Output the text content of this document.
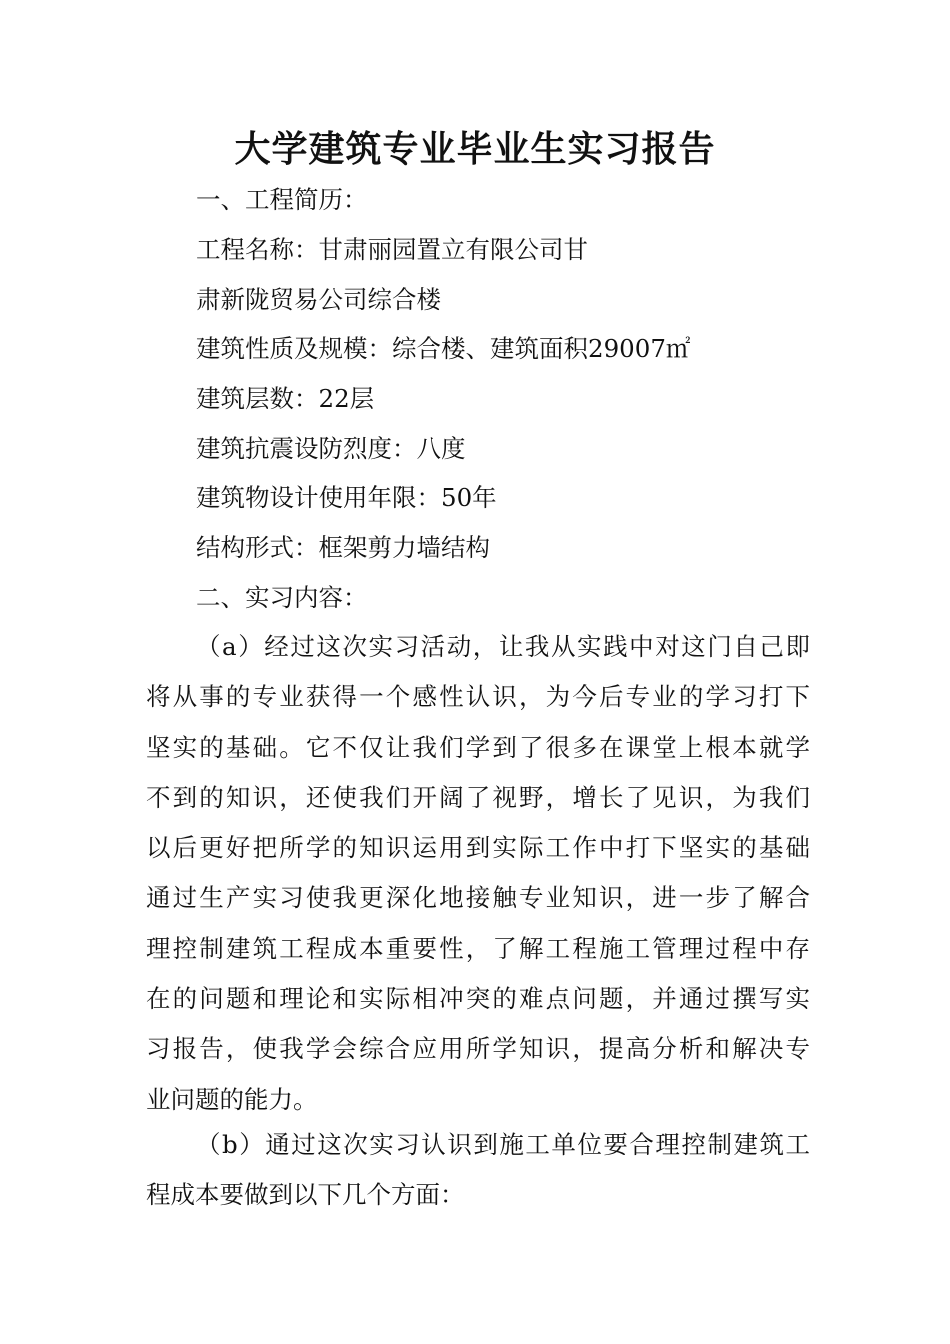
大学建筑专业毕业生实习报告

一、工程简历：

工程名称：甘肃丽园置立有限公司甘

肃新陇贸易公司综合楼

建筑性质及规模：综合楼、建筑面积29007㎡

建筑层数：22层

建筑抗震设防烈度：八度

建筑物设计使用年限：50年

结构形式：框架剪力墙结构

二、实习内容：

（a）经过这次实习活动，让我从实践中对这门自己即
将从事的专业获得一个感性认识，为今后专业的学习打下
坚实的基础。它不仅让我们学到了很多在课堂上根本就学
不到的知识，还使我们开阔了视野，增长了见识，为我们
以后更好把所学的知识运用到实际工作中打下坚实的基础
通过生产实习使我更深化地接触专业知识，进一步了解合
理控制建筑工程成本重要性，了解工程施工管理过程中存
在的问题和理论和实际相冲突的难点问题，并通过撰写实
习报告，使我学会综合应用所学知识，提高分析和解决专
业问题的能力。
（b）通过这次实习认识到施工单位要合理控制建筑工
程成本要做到以下几个方面：
